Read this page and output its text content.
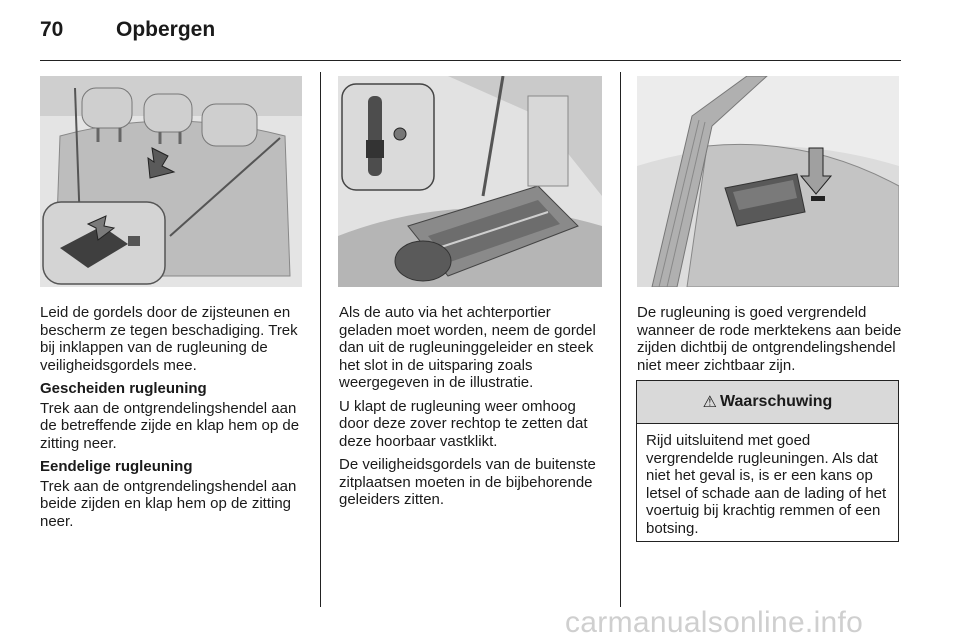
70	Opbergen

Leid de gordels door de zijsteunen en bescherm ze tegen beschadiging. Trek bij inklappen van de rugleuning de veiligheidsgordels mee.

Gescheiden rugleuning

Trek aan de ontgrendelingshendel aan de betreffende zijde en klap hem op de zitting neer.

Eendelige rugleuning

Trek aan de ontgrendelingshendel aan beide zijden en klap hem op de zitting neer.

Als de auto via het achterportier geladen moet worden, neem de gordel dan uit de rugleuninggeleider en steek het slot in de uitsparing zoals weergegeven in de illustratie.

U klapt de rugleuning weer omhoog door deze zover rechtop te zetten dat deze hoorbaar vastklikt.

De veiligheidsgordels van de buitenste zitplaatsen moeten in de bijbehorende geleiders zitten.

De rugleuning is goed vergrendeld wanneer de rode merktekens aan beide zijden dichtbij de ontgrendelingshendel niet meer zichtbaar zijn.

⚠ Waarschuwing
Rijd uitsluitend met goed vergrendelde rugleuningen. Als dat niet het geval is, is er een kans op letsel of schade aan de lading of het voertuig bij krachtig remmen of een botsing.
carmanualsonline.info
